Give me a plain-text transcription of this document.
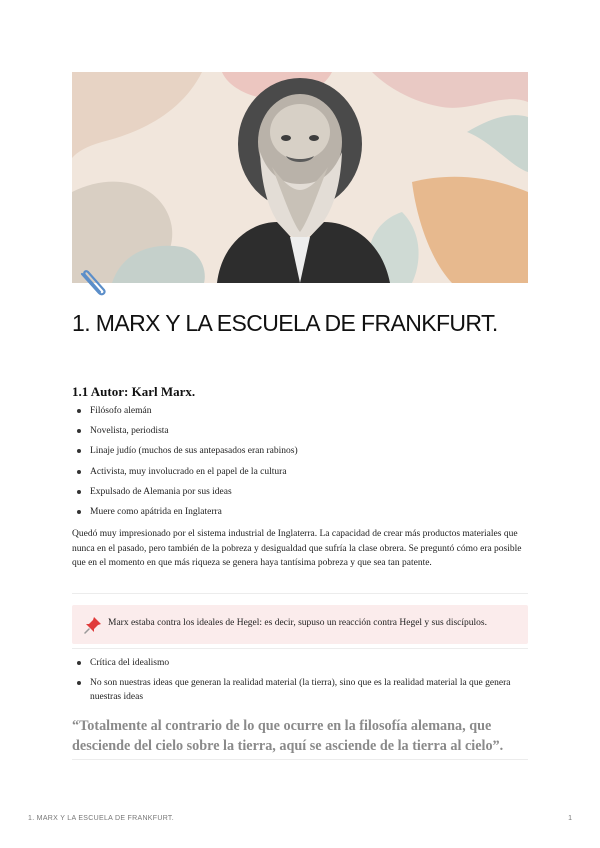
1. MARX Y LA ESCUELA DE FRANKFURT.
1.1 Autor: Karl Marx.
Filósofo alemán
Novelista, periodista
Linaje judío (muchos de sus antepasados eran rabinos)
Activista, muy involucrado en el papel de la cultura
Expulsado de Alemania por sus ideas
Muere como apátrida en Inglaterra

Quedó muy impresionado por el sistema industrial de Inglaterra. La capacidad de crear más productos materiales que nunca en el pasado, pero también de la pobreza y desigualdad que sufría la clase obrera. Se preguntó cómo era posible que en el momento en que más riqueza se genera haya tantísima pobreza y que sea tan patente.

Marx estaba contra los ideales de Hegel: es decir, supuso un reacción contra Hegel y sus discípulos.
Crítica del idealismo
No son nuestras ideas que generan la realidad material (la tierra), sino que es la realidad material la que genera nuestras ideas

“Totalmente al contrario de lo que ocurre en la filosofía alemana, que desciende del cielo sobre la tierra, aquí se asciende de la tierra al cielo”.

1. MARX Y LA ESCUELA DE FRANKFURT.	1
